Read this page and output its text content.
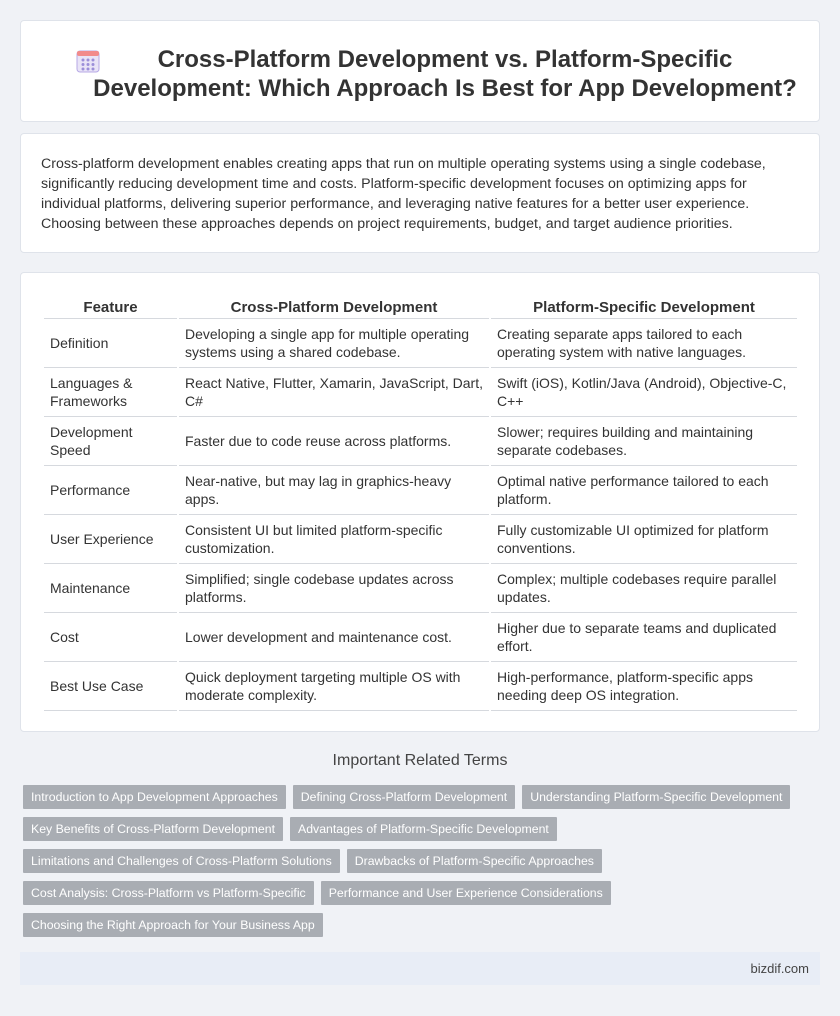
Cross-Platform Development vs. Platform-Specific Development: Which Approach Is Best for App Development?

Cross-platform development enables creating apps that run on multiple operating systems using a single codebase, significantly reducing development time and costs. Platform-specific development focuses on optimizing apps for individual platforms, delivering superior performance, and leveraging native features for a better user experience. Choosing between these approaches depends on project requirements, budget, and target audience priorities.

Feature	Cross-Platform Development	Platform-Specific Development
Definition	Developing a single app for multiple operating systems using a shared codebase.	Creating separate apps tailored to each operating system with native languages.
Languages & Frameworks	React Native, Flutter, Xamarin, JavaScript, Dart, C#	Swift (iOS), Kotlin/Java (Android), Objective-C, C++
Development Speed	Faster due to code reuse across platforms.	Slower; requires building and maintaining separate codebases.
Performance	Near-native, but may lag in graphics-heavy apps.	Optimal native performance tailored to each platform.
User Experience	Consistent UI but limited platform-specific customization.	Fully customizable UI optimized for platform conventions.
Maintenance	Simplified; single codebase updates across platforms.	Complex; multiple codebases require parallel updates.
Cost	Lower development and maintenance cost.	Higher due to separate teams and duplicated effort.
Best Use Case	Quick deployment targeting multiple OS with moderate complexity.	High-performance, platform-specific apps needing deep OS integration.
Important Related Terms
Introduction to App Development Approaches	Defining Cross-Platform Development	Understanding Platform-Specific Development
Key Benefits of Cross-Platform Development	Advantages of Platform-Specific Development
Limitations and Challenges of Cross-Platform Solutions	Drawbacks of Platform-Specific Approaches
Cost Analysis: Cross-Platform vs Platform-Specific	Performance and User Experience Considerations
Choosing the Right Approach for Your Business App
bizdif.com
